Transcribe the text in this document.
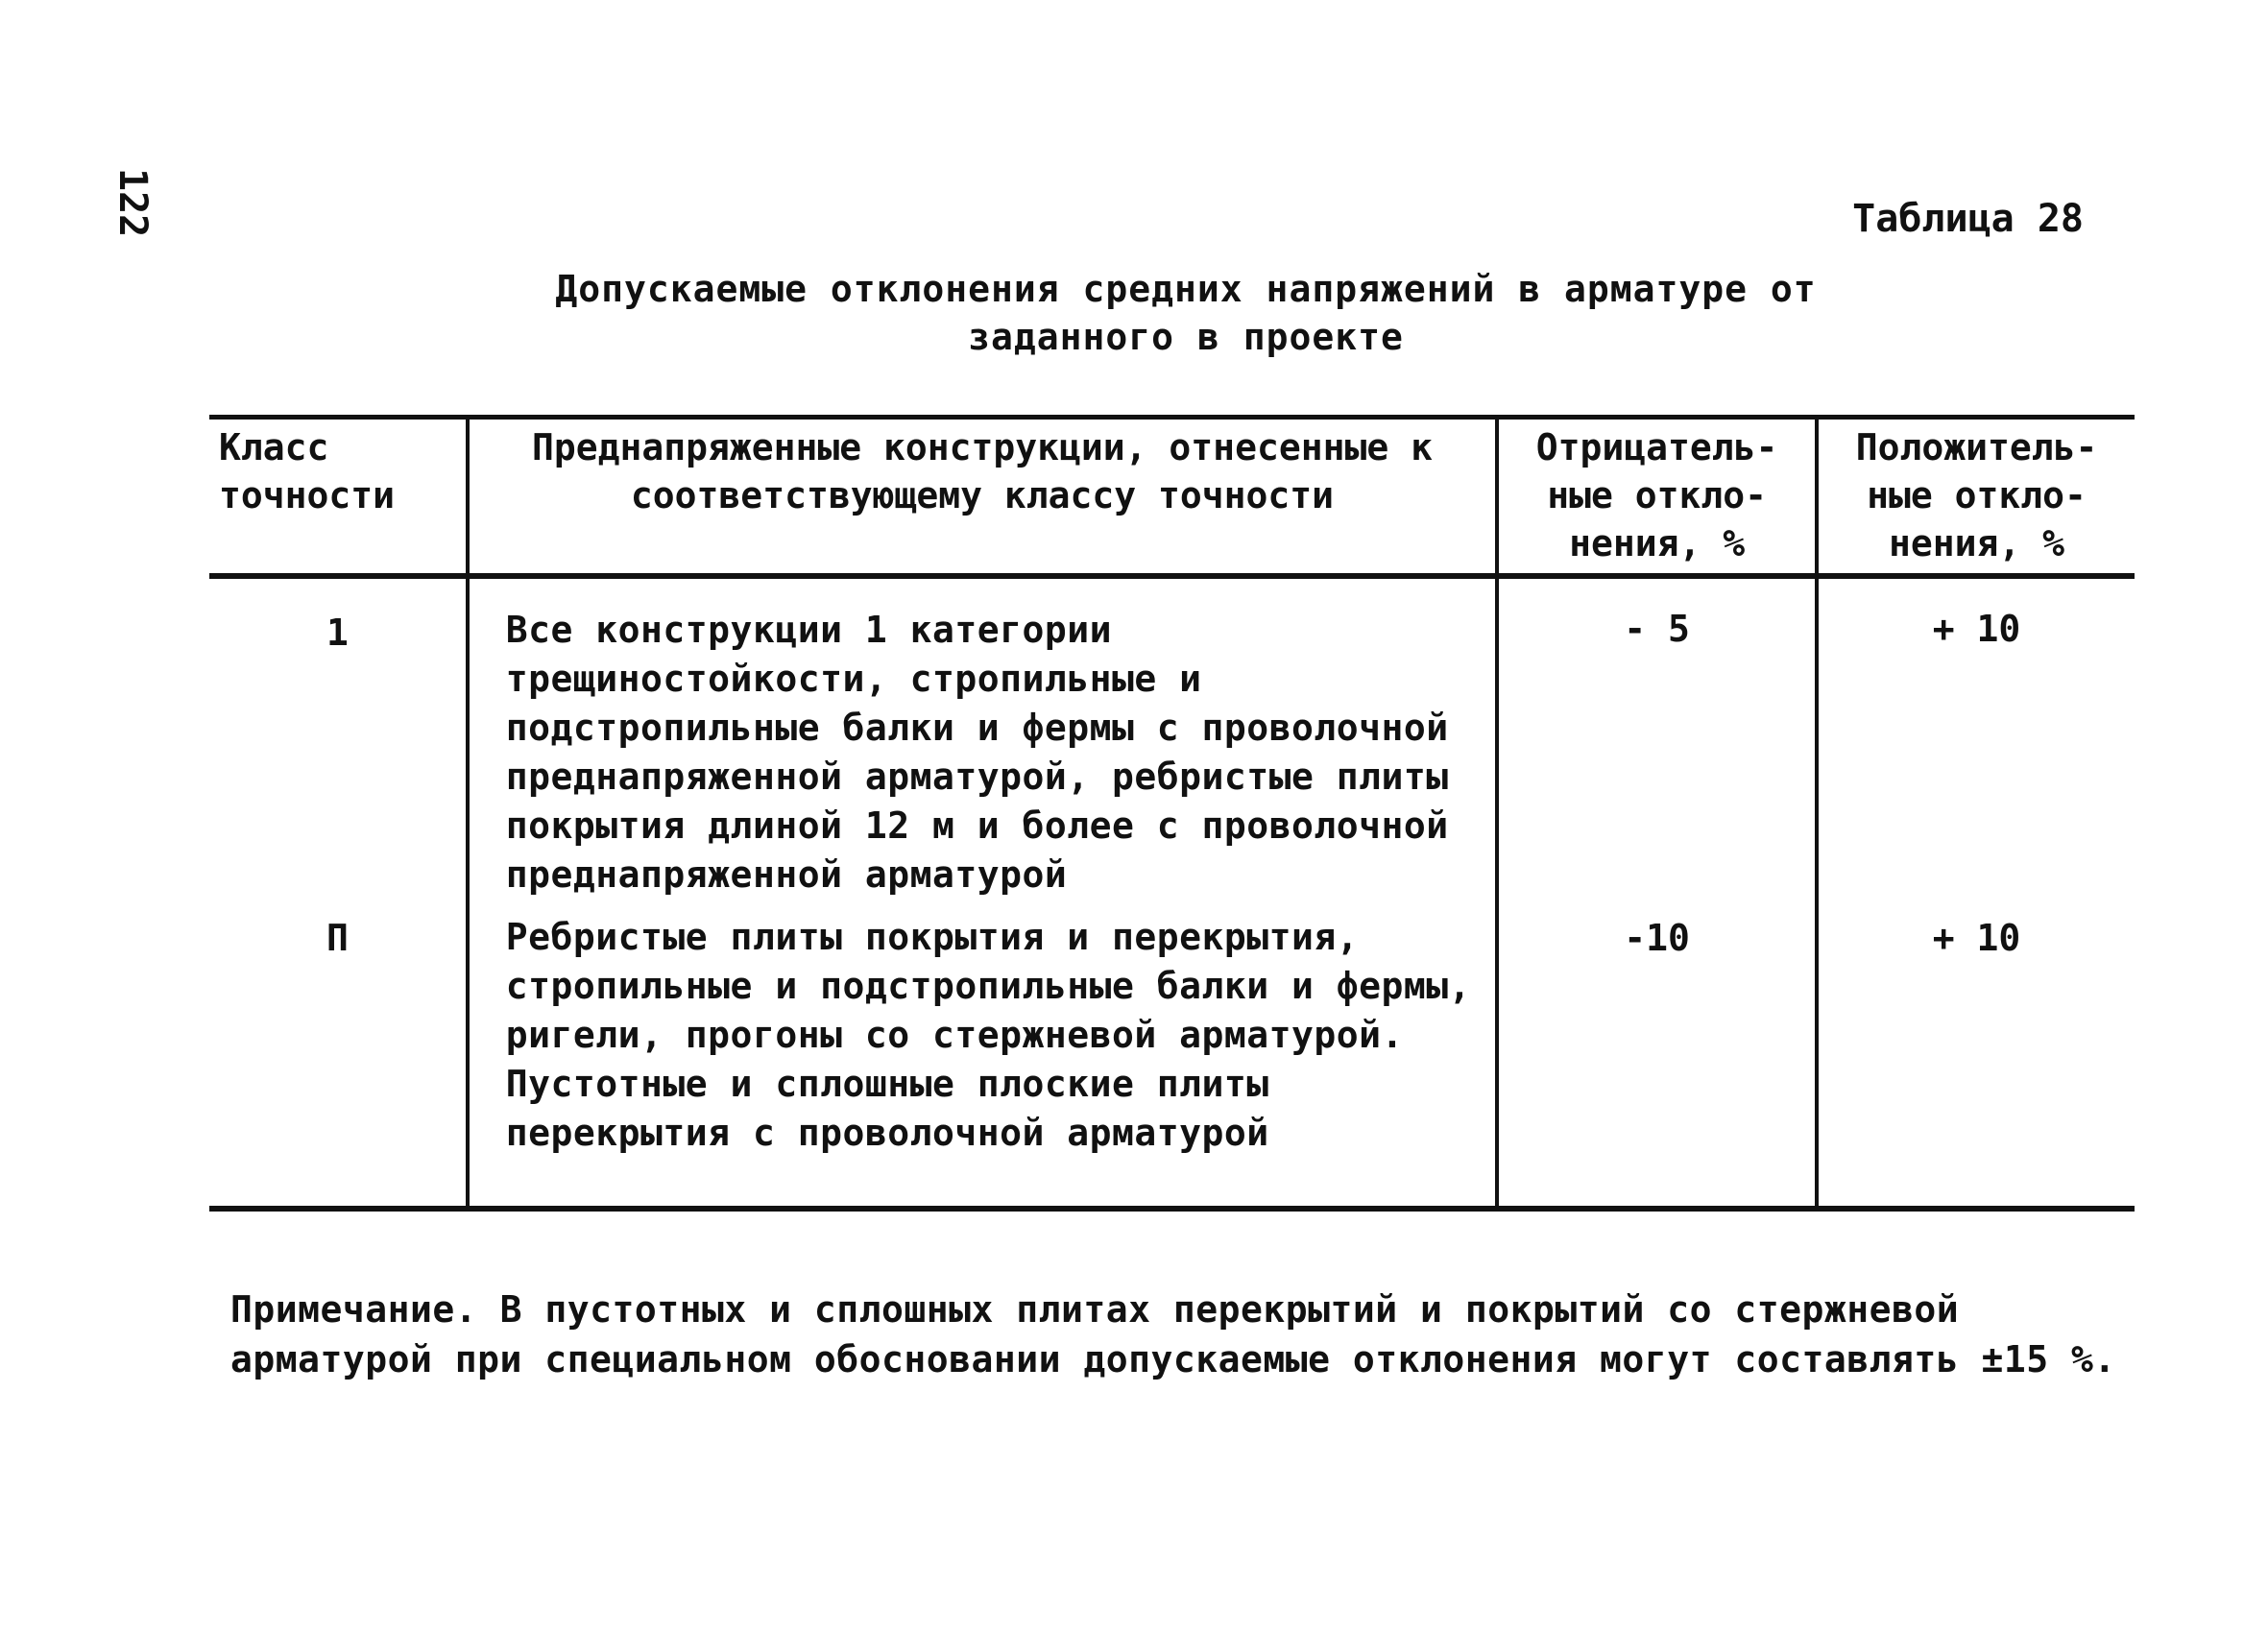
122	Таблица 28
Допускаемые отклонения средних напряжений в арматуре от
заданного в проекте
Класс точности	Преднапряженные конструкции, отнесенные к соответствующему классу точности	Отрицатель-ные откло-нения, %	Положитель-ные откло-нения, %
1	Все конструкции 1 категории трещиностойкости, стропильные и подстропильные балки и фермы с проволочной преднапряженной арматурой, ребристые плиты покрытия длиной 12 м и более с проволочной преднапряженной арматурой	- 5	+ 10
П	Ребристые плиты покрытия и перекрытия, стропильные и подстропильные балки и фермы, ригели, прогоны со стержневой арматурой. Пустотные и сплошные плоские плиты перекрытия с проволочной арматурой	-10	+ 10
Примечание. В пустотных и сплошных плитах перекрытий и покрытий со стержневой арматурой при специальном обосновании допускаемые отклонения могут составлять ±15 %.
